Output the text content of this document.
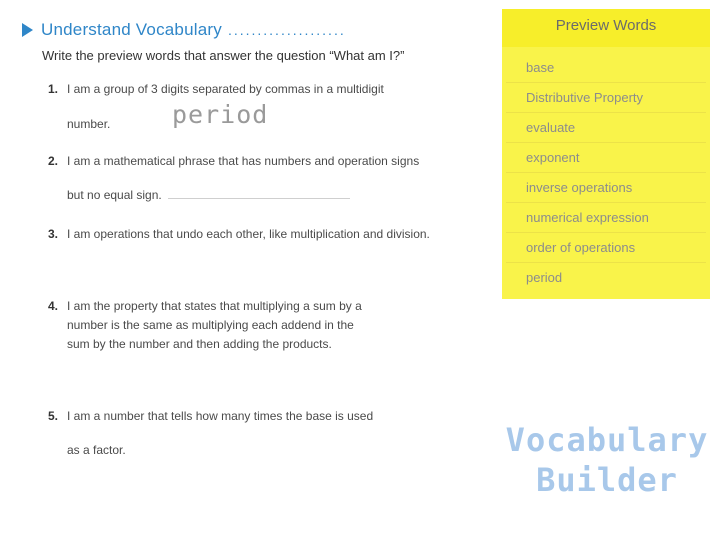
Understand Vocabulary ....................
Write the preview words that answer the question “What am I?”
1. I am a group of 3 digits separated by commas in a multidigit
number. period
2. I am a mathematical phrase that has numbers and operation signs
but no equal sign.
3. I am operations that undo each other, like multiplication and division.
4. I am the property that states that multiplying a sum by a
number is the same as multiplying each addend in the
sum by the number and then adding the products.
5. I am a number that tells how many times the base is used
as a factor.
Preview Words
base
Distributive Property
evaluate
exponent
inverse operations
numerical expression
order of operations
period
Vocabulary
Builder
